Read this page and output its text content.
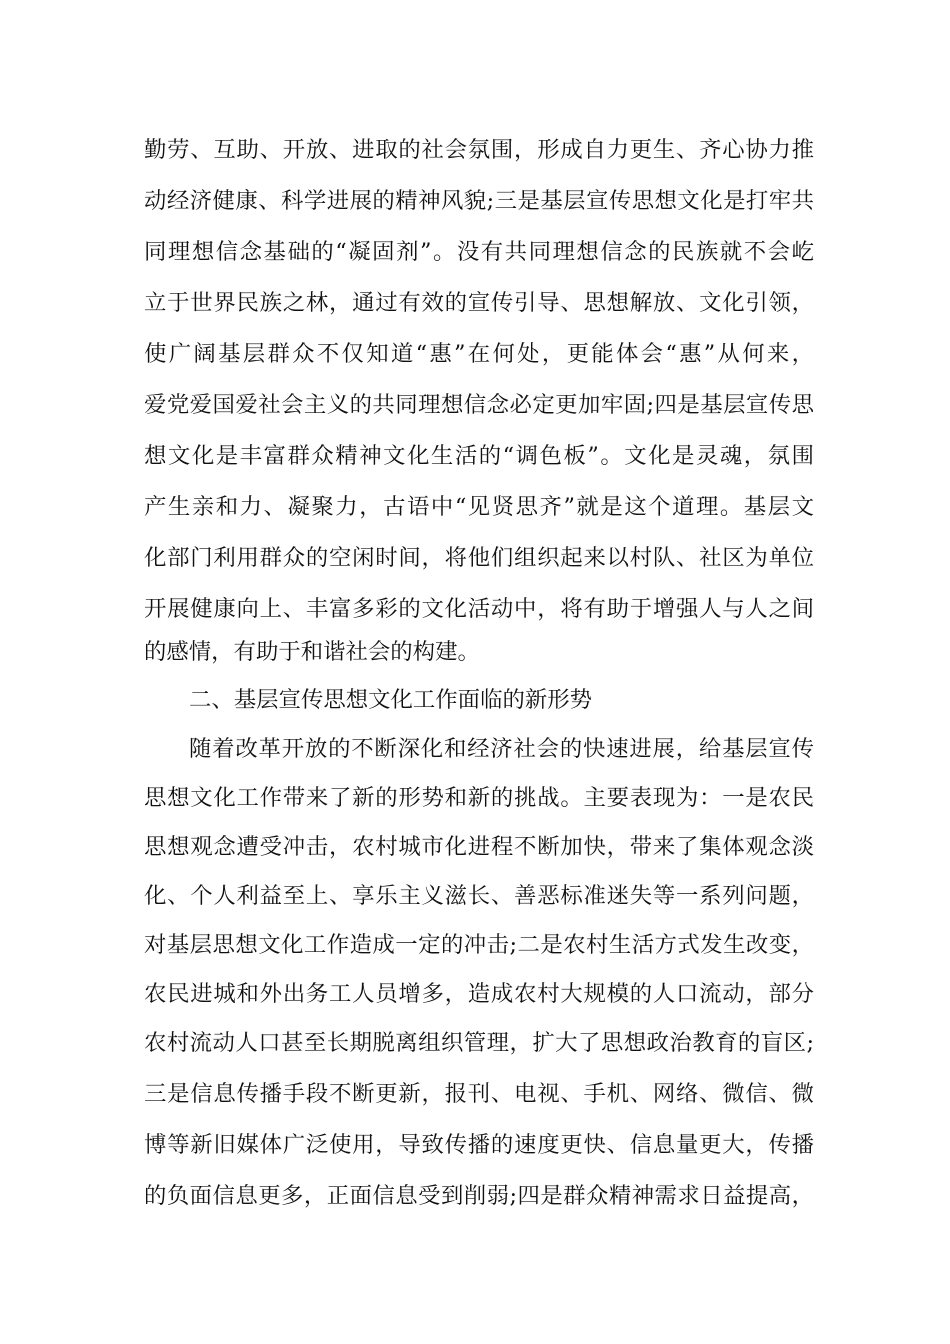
勤劳、互助、开放、进取的社会氛围，形成自力更生、齐心协力推
动经济健康、科学进展的精神风貌;三是基层宣传思想文化是打牢共
同理想信念基础的“凝固剂”。没有共同理想信念的民族就不会屹
立于世界民族之林，通过有效的宣传引导、思想解放、文化引领，
使广阔基层群众不仅知道“惠”在何处，更能体会“惠”从何来，
爱党爱国爱社会主义的共同理想信念必定更加牢固;四是基层宣传思
想文化是丰富群众精神文化生活的“调色板”。文化是灵魂，氛围
产生亲和力、凝聚力，古语中“见贤思齐”就是这个道理。基层文
化部门利用群众的空闲时间，将他们组织起来以村队、社区为单位
开展健康向上、丰富多彩的文化活动中，将有助于增强人与人之间
的感情，有助于和谐社会的构建。
二、基层宣传思想文化工作面临的新形势
随着改革开放的不断深化和经济社会的快速进展，给基层宣传
思想文化工作带来了新的形势和新的挑战。主要表现为：一是农民
思想观念遭受冲击，农村城市化进程不断加快，带来了集体观念淡
化、个人利益至上、享乐主义滋长、善恶标准迷失等一系列问题，
对基层思想文化工作造成一定的冲击;二是农村生活方式发生改变，
农民进城和外出务工人员增多，造成农村大规模的人口流动，部分
农村流动人口甚至长期脱离组织管理，扩大了思想政治教育的盲区;
三是信息传播手段不断更新，报刊、电视、手机、网络、微信、微
博等新旧媒体广泛使用，导致传播的速度更快、信息量更大，传播
的负面信息更多，正面信息受到削弱;四是群众精神需求日益提高，
